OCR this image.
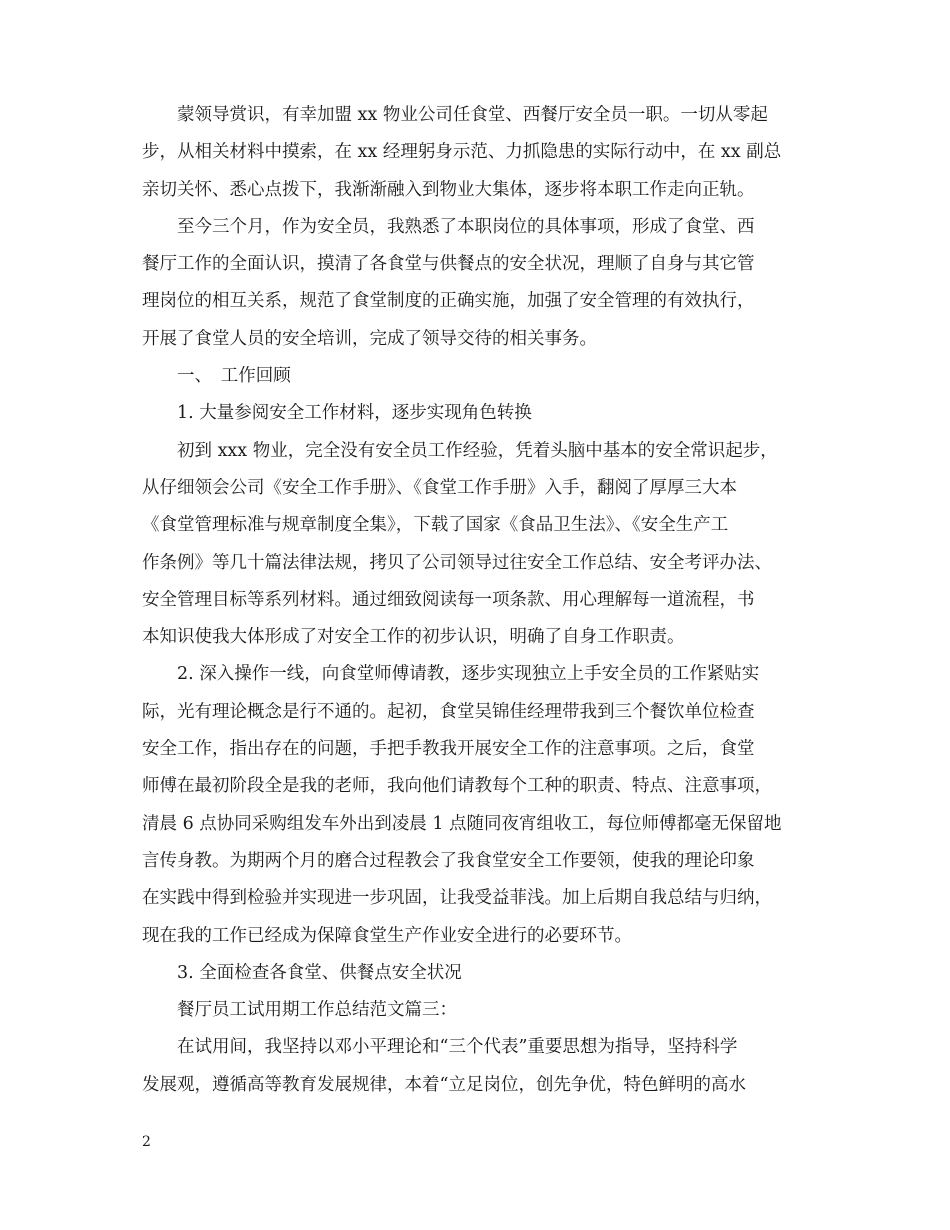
蒙领导赏识，有幸加盟 xx 物业公司任食堂、西餐厅安全员一职。一切从零起
步，从相关材料中摸索，在 xx 经理躬身示范、力抓隐患的实际行动中，在 xx 副总
亲切关怀、悉心点拨下，我渐渐融入到物业大集体，逐步将本职工作走向正轨。
至今三个月，作为安全员，我熟悉了本职岗位的具体事项，形成了食堂、西
餐厅工作的全面认识，摸清了各食堂与供餐点的安全状况，理顺了自身与其它管
理岗位的相互关系，规范了食堂制度的正确实施，加强了安全管理的有效执行，
开展了食堂人员的安全培训，完成了领导交待的相关事务。
一、　工作回顾
1. 大量参阅安全工作材料，逐步实现角色转换
初到 xxx 物业，完全没有安全员工作经验，凭着头脑中基本的安全常识起步，
从仔细领会公司《安全工作手册》、《食堂工作手册》入手，翻阅了厚厚三大本
《食堂管理标准与规章制度全集》，下载了国家《食品卫生法》、《安全生产工
作条例》等几十篇法律法规，拷贝了公司领导过往安全工作总结、安全考评办法、
安全管理目标等系列材料。通过细致阅读每一项条款、用心理解每一道流程，书
本知识使我大体形成了对安全工作的初步认识，明确了自身工作职责。
2. 深入操作一线，向食堂师傅请教，逐步实现独立上手安全员的工作紧贴实
际，光有理论概念是行不通的。起初，食堂吴锦佳经理带我到三个餐饮单位检查
安全工作，指出存在的问题，手把手教我开展安全工作的注意事项。之后，食堂
师傅在最初阶段全是我的老师，我向他们请教每个工种的职责、特点、注意事项，
清晨 6 点协同采购组发车外出到凌晨 1 点随同夜宵组收工，每位师傅都毫无保留地
言传身教。为期两个月的磨合过程教会了我食堂安全工作要领，使我的理论印象
在实践中得到检验并实现进一步巩固，让我受益菲浅。加上后期自我总结与归纳，
现在我的工作已经成为保障食堂生产作业安全进行的必要环节。
3. 全面检查各食堂、供餐点安全状况
餐厅员工试用期工作总结范文篇三：
在试用间，我坚持以邓小平理论和“三个代表”重要思想为指导，坚持科学
发展观，遵循高等教育发展规律，本着“立足岗位，创先争优，特色鲜明的高水
2
